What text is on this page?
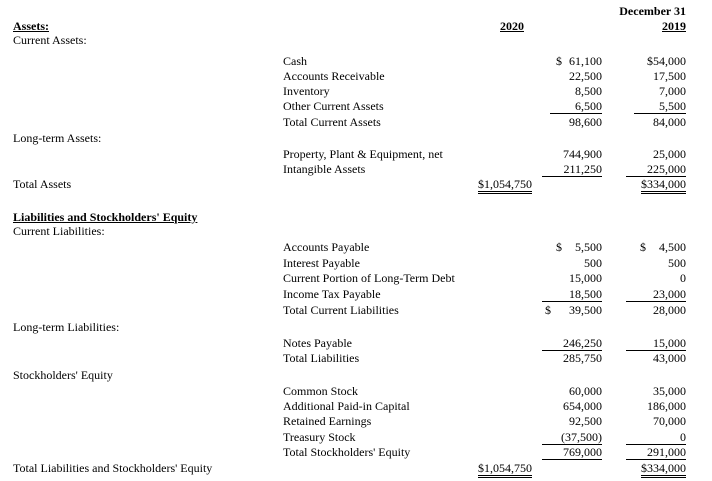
December 31
2020	2019
Assets:
Current Assets:
Cash	$ 61,100	$54,000
Accounts Receivable	22,500	17,500
Inventory	8,500	7,000
Other Current Assets	6,500	5,500
Total Current Assets	98,600	84,000
Long-term Assets:
Property, Plant & Equipment, net	744,900	25,000
Intangible Assets	211,250	225,000
Total Assets	$1,054,750	$334,000
Liabilities and Stockholders' Equity
Current Liabilities:
Accounts Payable	$ 5,500	$ 4,500
Interest Payable	500	500
Current Portion of Long-Term Debt	15,000	0
Income Tax Payable	18,500	23,000
Total Current Liabilities	$ 39,500	28,000
Long-term Liabilities:
Notes Payable	246,250	15,000
Total Liabilities	285,750	43,000
Stockholders' Equity
Common Stock	60,000	35,000
Additional Paid-in Capital	654,000	186,000
Retained Earnings	92,500	70,000
Treasury Stock	(37,500)	0
Total Stockholders' Equity	769,000	291,000
Total Liabilities and Stockholders' Equity	$1,054,750	$334,000
